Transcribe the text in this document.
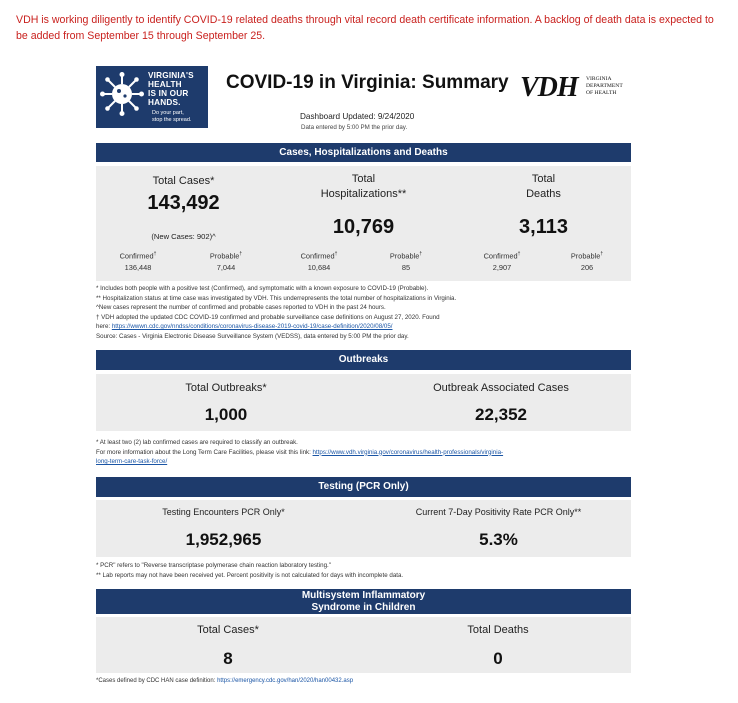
VDH is working diligently to identify COVID-19 related deaths through vital record death certificate information. A backlog of death data is expected to be added from September 15 through September 25.
VIRGINIA'S
HEALTH
IS IN OUR
HANDS.
Do your part,
stop the spread.
COVID-19 in Virginia: Summary VDH VIRGINIA
DEPARTMENT
OF HEALTH
Dashboard Updated: 9/24/2020
Data entered by 5:00 PM the prior day.
Cases, Hospitalizations and Deaths
Total Cases*
143,492
(New Cases: 902)^
Confirmed†
136,448
Probable†
7,044
Total
Hospitalizations**
10,769
Confirmed†
10,684
Probable†
85
Total
Deaths
3,113
Confirmed†
2,907
Probable†
206
* Includes both people with a positive test (Confirmed), and symptomatic with a known exposure to COVID-19 (Probable).
** Hospitalization status at time case was investigated by VDH. This underrepresents the total number of hospitalizations in Virginia.
^New cases represent the number of confirmed and probable cases reported to VDH in the past 24 hours.
† VDH adopted the updated CDC COVID-19 confirmed and probable surveillance case definitions on August 27, 2020. Found
here: https://wwwn.cdc.gov/nndss/conditions/coronavirus-disease-2019-covid-19/case-definition/2020/08/05/
Source: Cases - Virginia Electronic Disease Surveillance System (VEDSS), data entered by 5:00 PM the prior day.
Outbreaks
Total Outbreaks*
1,000
Outbreak Associated Cases
22,352
* At least two (2) lab confirmed cases are required to classify an outbreak.
For more information about the Long Term Care Facilities, please visit this link: https://www.vdh.virginia.gov/coronavirus/health-professionals/virginia-
long-term-care-task-force/
Testing (PCR Only)
Testing Encounters PCR Only*
1,952,965
Current 7-Day Positivity Rate PCR Only**
5.3%
* PCR" refers to "Reverse transcriptase polymerase chain reaction laboratory testing."
** Lab reports may not have been received yet. Percent positivity is not calculated for days with incomplete data.
Multisystem Inflammatory
Syndrome in Children
Total Cases*
8
Total Deaths
0
*Cases defined by CDC HAN case definition: https://emergency.cdc.gov/han/2020/han00432.asp
